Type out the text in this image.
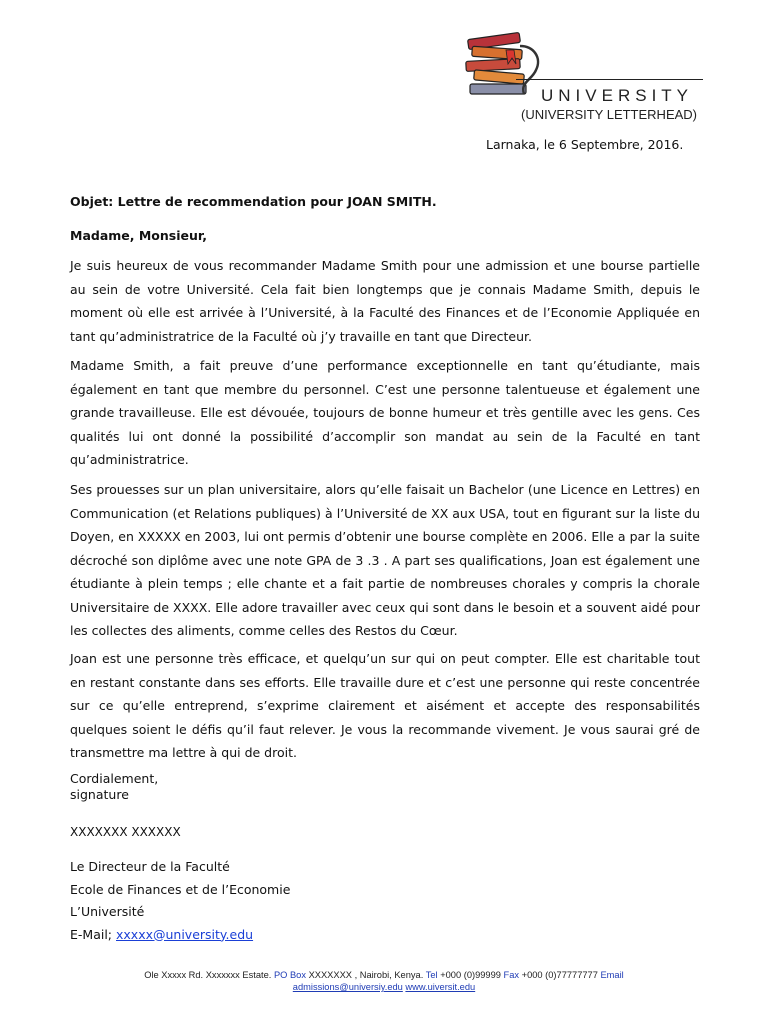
UNIVERSITY
(UNIVERSITY LETTERHEAD)
Larnaka, le 6 Septembre, 2016.
Objet: Lettre de recommendation pour JOAN SMITH.
Madame, Monsieur,

Je suis heureux de vous recommander Madame Smith pour une admission et une bourse partielle au sein de votre Université. Cela fait bien longtemps que je connais Madame Smith, depuis le moment où elle est arrivée à l’Université, à la Faculté des Finances et de l’Economie Appliquée en tant qu’administratrice de la Faculté où j’y travaille en tant que Directeur.

Madame Smith, a fait preuve d’une performance exceptionnelle en tant qu’étudiante, mais également en tant que membre du personnel. C’est une personne talentueuse et également une grande travailleuse. Elle est dévouée, toujours de bonne humeur et très gentille avec les gens. Ces qualités lui ont donné la possibilité d’accomplir son mandat au sein de la Faculté en tant qu’administratrice.

Ses prouesses sur un plan universitaire, alors qu’elle faisait un Bachelor (une Licence en Lettres) en Communication (et Relations publiques) à l’Université de XX aux USA, tout en figurant sur la liste du Doyen, en XXXXX en 2003, lui ont permis d’obtenir une bourse complète en 2006. Elle a par la suite décroché son diplôme avec une note GPA de 3 .3 . A part ses qualifications, Joan est également une étudiante à plein temps ; elle chante et a fait partie de nombreuses chorales y compris la chorale Universitaire de XXXX. Elle adore travailler avec ceux qui sont dans le besoin et a souvent aidé pour les collectes des aliments, comme celles des Restos du Cœur.

Joan est une personne très efficace, et quelqu’un sur qui on peut compter. Elle est charitable tout en restant constante dans ses efforts. Elle travaille dure et c’est une personne qui reste concentrée sur ce qu’elle entreprend, s’exprime clairement et aisément et accepte des responsabilités quelques soient le défis qu’il faut relever. Je vous la recommande vivement. Je vous saurai gré de transmettre ma lettre à qui de droit.

Cordialement,
signature
XXXXXXX XXXXXX
Le Directeur de la Faculté
Ecole de Finances et de l’Economie
L’Université
E-Mail; xxxxx@university.edu
Ole Xxxxx Rd. Xxxxxxx Estate. PO Box XXXXXXX , Nairobi, Kenya. Tel +000 (0)99999 Fax +000 (0)77777777 Email
admissions@universiy.edu www.uiversit.edu
